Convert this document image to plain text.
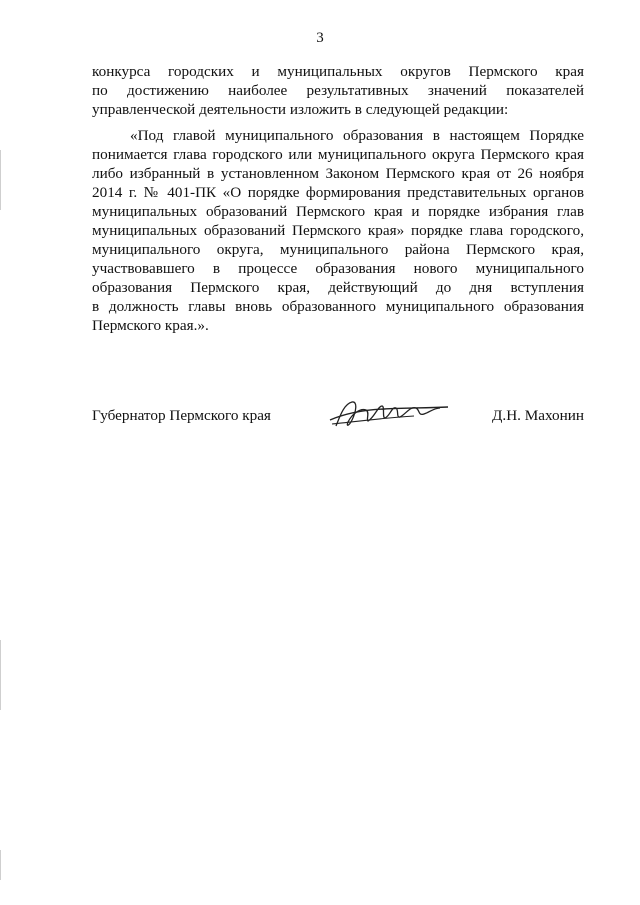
3
конкурса городских и муниципальных округов Пермского края
по достижению наиболее результативных значений показателей
управленческой деятельности изложить в следующей редакции:
«Под главой муниципального образования в настоящем Порядке
понимается глава городского или муниципального округа Пермского края
либо избранный в установленном Законом Пермского края от 26 ноября
2014 г. № 401-ПК «О порядке формирования представительных органов
муниципальных образований Пермского края и порядке избрания глав
муниципальных образований Пермского края» порядке глава городского,
муниципального округа, муниципального района Пермского края,
участвовавшего в процессе образования нового муниципального
образования Пермского края, действующий до дня вступления
в должность главы вновь образованного муниципального образования
Пермского края.».
Губернатор Пермского края	Д.Н. Махонин
